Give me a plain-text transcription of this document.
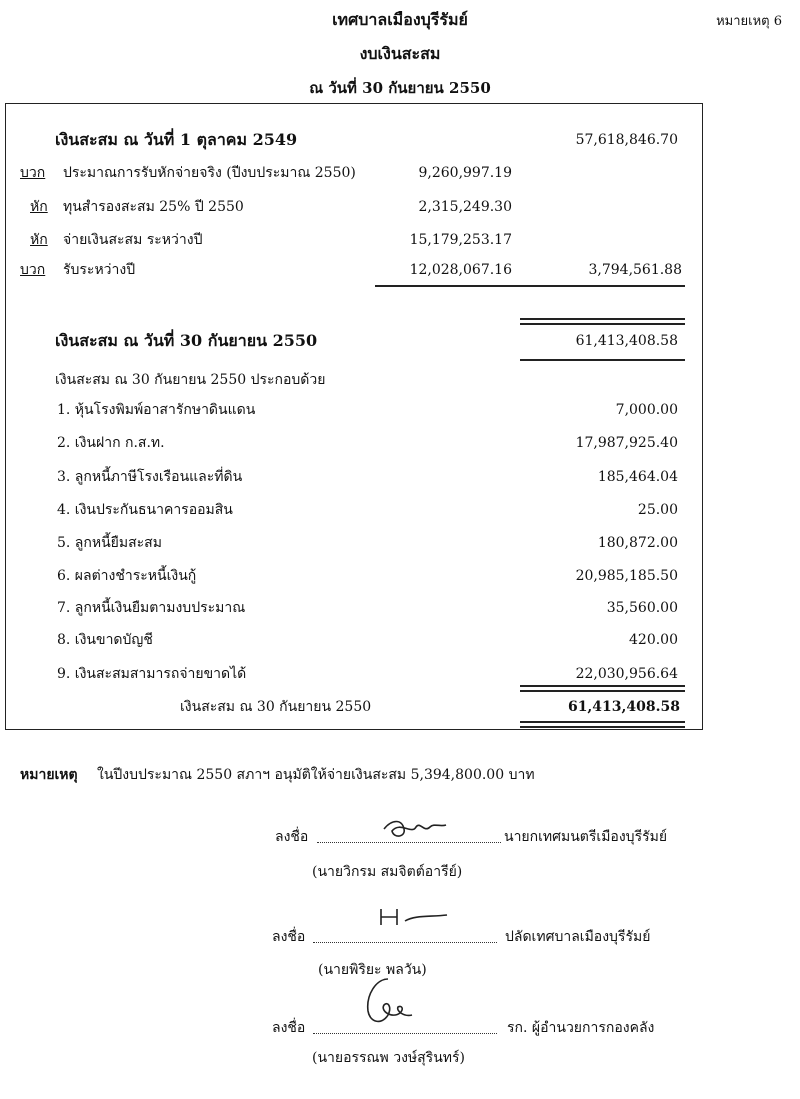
เทศบาลเมืองบุรีรัมย์
งบเงินสะสม
ณ วันที่ 30 กันยายน 2550
หมายเหตุ 6
เงินสะสม ณ วันที่ 1 ตุลาคม 2549	57,618,846.70
บวก ประมาณการรับหักจ่ายจริง (ปีงบประมาณ 2550)	9,260,997.19
หัก ทุนสำรองสะสม 25% ปี 2550	2,315,249.30
หัก จ่ายเงินสะสม ระหว่างปี	15,179,253.17
บวก รับระหว่างปี	12,028,067.16	3,794,561.88
เงินสะสม ณ วันที่ 30 กันยายน 2550	61,413,408.58
เงินสะสม ณ 30 กันยายน 2550 ประกอบด้วย
1. หุ้นโรงพิมพ์อาสารักษาดินแดน	7,000.00
2. เงินฝาก ก.ส.ท.	17,987,925.40
3. ลูกหนี้ภาษีโรงเรือนและที่ดิน	185,464.04
4. เงินประกันธนาคารออมสิน	25.00
5. ลูกหนี้ยืมสะสม	180,872.00
6. ผลต่างชำระหนี้เงินกู้	20,985,185.50
7. ลูกหนี้เงินยืมตามงบประมาณ	35,560.00
8. เงินขาดบัญชี	420.00
9. เงินสะสมสามารถจ่ายขาดได้	22,030,956.64
เงินสะสม ณ 30 กันยายน 2550	61,413,408.58
หมายเหตุ ในปีงบประมาณ 2550 สภาฯ อนุมัติให้จ่ายเงินสะสม 5,394,800.00 บาท
ลงชื่อ	นายกเทศมนตรีเมืองบุรีรัมย์
(นายวิกรม สมจิตต์อารีย์)
ลงชื่อ	ปลัดเทศบาลเมืองบุรีรัมย์
(นายพิริยะ พลวัน)
ลงชื่อ	รก. ผู้อำนวยการกองคลัง
(นายอรรณพ วงษ์สุรินทร์)
